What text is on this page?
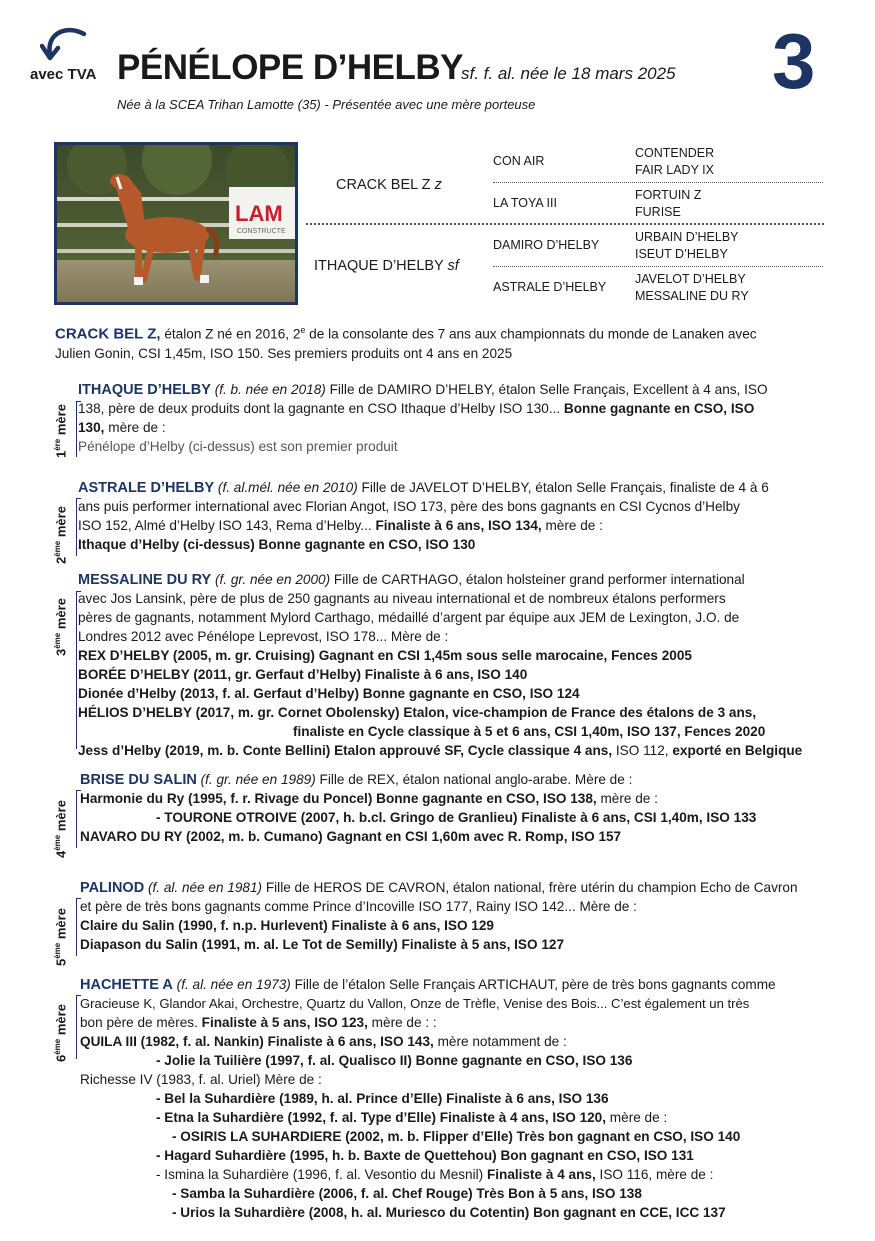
avec TVA PÉNÉLOPE D’HELBY
sf. f. al. née le 18 mars 2025 3
Née à la SCEA Trihan Lamotte (35) - Présentée avec une mère porteuse
LAM
CONSTRUCTE
CRACK BEL Z z
ITHAQUE D’HELBY sf
CON AIR
LA TOYA III
DAMIRO D’HELBY
ASTRALE D’HELBY
CONTENDER
FAIR LADY IX
FORTUIN Z
FURISE
URBAIN D’HELBY
ISEUT D’HELBY
JAVELOT D’HELBY
MESSALINE DU RY
CRACK BEL Z, étalon Z né en 2016, 2e de la consolante des 7 ans aux championnats du monde de Lanaken avec
Julien Gonin, CSI 1,45m, ISO 150. Ses premiers produits ont 4 ans en 2025
1ère mère
ITHAQUE D’HELBY (f. b. née en 2018) Fille de DAMIRO D’HELBY, étalon Selle Français, Excellent à 4 ans, ISO
138, père de deux produits dont la gagnante en CSO Ithaque d’Helby ISO 130... Bonne gagnante en CSO, ISO
130, mère de :
Pénélope d’Helby (ci-dessus) est son premier produit
2ème mère
ASTRALE D’HELBY (f. al.mél. née en 2010) Fille de JAVELOT D’HELBY, étalon Selle Français, finaliste de 4 à 6
ans puis performer international avec Florian Angot, ISO 173, père des bons gagnants en CSI Cycnos d’Helby
ISO 152, Almé d’Helby ISO 143, Rema d’Helby... Finaliste à 6 ans, ISO 134, mère de :
Ithaque d’Helby (ci-dessus) Bonne gagnante en CSO, ISO 130
3ème mère
MESSALINE DU RY (f. gr. née en 2000) Fille de CARTHAGO, étalon holsteiner grand performer international
avec Jos Lansink, père de plus de 250 gagnants au niveau international et de nombreux étalons performers
pères de gagnants, notamment Mylord Carthago, médaillé d’argent par équipe aux JEM de Lexington, J.O. de
Londres 2012 avec Pénélope Leprevost, ISO 178... Mère de :
REX D’HELBY (2005, m. gr. Cruising) Gagnant en CSI 1,45m sous selle marocaine, Fences 2005
BORÉE D’HELBY (2011, gr. Gerfaut d’Helby) Finaliste à 6 ans, ISO 140
Dionée d’Helby (2013, f. al. Gerfaut d’Helby) Bonne gagnante en CSO, ISO 124
HÉLIOS D’HELBY (2017, m. gr. Cornet Obolensky) Etalon, vice-champion de France des étalons de 3 ans,
finaliste en Cycle classique à 5 et 6 ans, CSI 1,40m, ISO 137, Fences 2020
Jess d’Helby (2019, m. b. Conte Bellini) Etalon approuvé SF, Cycle classique 4 ans, ISO 112, exporté en Belgique
4ème mère
BRISE DU SALIN (f. gr. née en 1989) Fille de REX, étalon national anglo-arabe. Mère de :
Harmonie du Ry (1995, f. r. Rivage du Poncel) Bonne gagnante en CSO, ISO 138, mère de :
- TOURONE OTROIVE (2007, h. b.cl. Gringo de Granlieu) Finaliste à 6 ans, CSI 1,40m, ISO 133
NAVARO DU RY (2002, m. b. Cumano) Gagnant en CSI 1,60m avec R. Romp, ISO 157
5ème mère
PALINOD (f. al. née en 1981) Fille de HEROS DE CAVRON, étalon national, frère utérin du champion Echo de Cavron
et père de très bons gagnants comme Prince d’Incoville ISO 177, Rainy ISO 142... Mère de :
Claire du Salin (1990, f. n.p. Hurlevent) Finaliste à 6 ans, ISO 129
Diapason du Salin (1991, m. al. Le Tot de Semilly) Finaliste à 5 ans, ISO 127
6ème mère
HACHETTE A (f. al. née en 1973) Fille de l’étalon Selle Français ARTICHAUT, père de très bons gagnants comme
Gracieuse K, Glandor Akai, Orchestre, Quartz du Vallon, Onze de Trèfle, Venise des Bois... C’est également un très
bon père de mères. Finaliste à 5 ans, ISO 123, mère de : :
QUILA III (1982, f. al. Nankin) Finaliste à 6 ans, ISO 143, mère notamment de :
- Jolie la Tuilière (1997, f. al. Qualisco II) Bonne gagnante en CSO, ISO 136
Richesse IV (1983, f. al. Uriel) Mère de :
- Bel la Suhardière (1989, h. al. Prince d’Elle) Finaliste à 6 ans, ISO 136
- Etna la Suhardière (1992, f. al. Type d’Elle) Finaliste à 4 ans, ISO 120, mère de :
- OSIRIS LA SUHARDIERE (2002, m. b. Flipper d’Elle) Très bon gagnant en CSO, ISO 140
- Hagard Suhardière (1995, h. b. Baxte de Quettehou) Bon gagnant en CSO, ISO 131
- Ismina la Suhardière (1996, f. al. Vesontio du Mesnil) Finaliste à 4 ans, ISO 116, mère de :
- Samba la Suhardière (2006, f. al. Chef Rouge) Très Bon à 5 ans, ISO 138
- Urios la Suhardière (2008, h. al. Muriesco du Cotentin) Bon gagnant en CCE, ICC 137
